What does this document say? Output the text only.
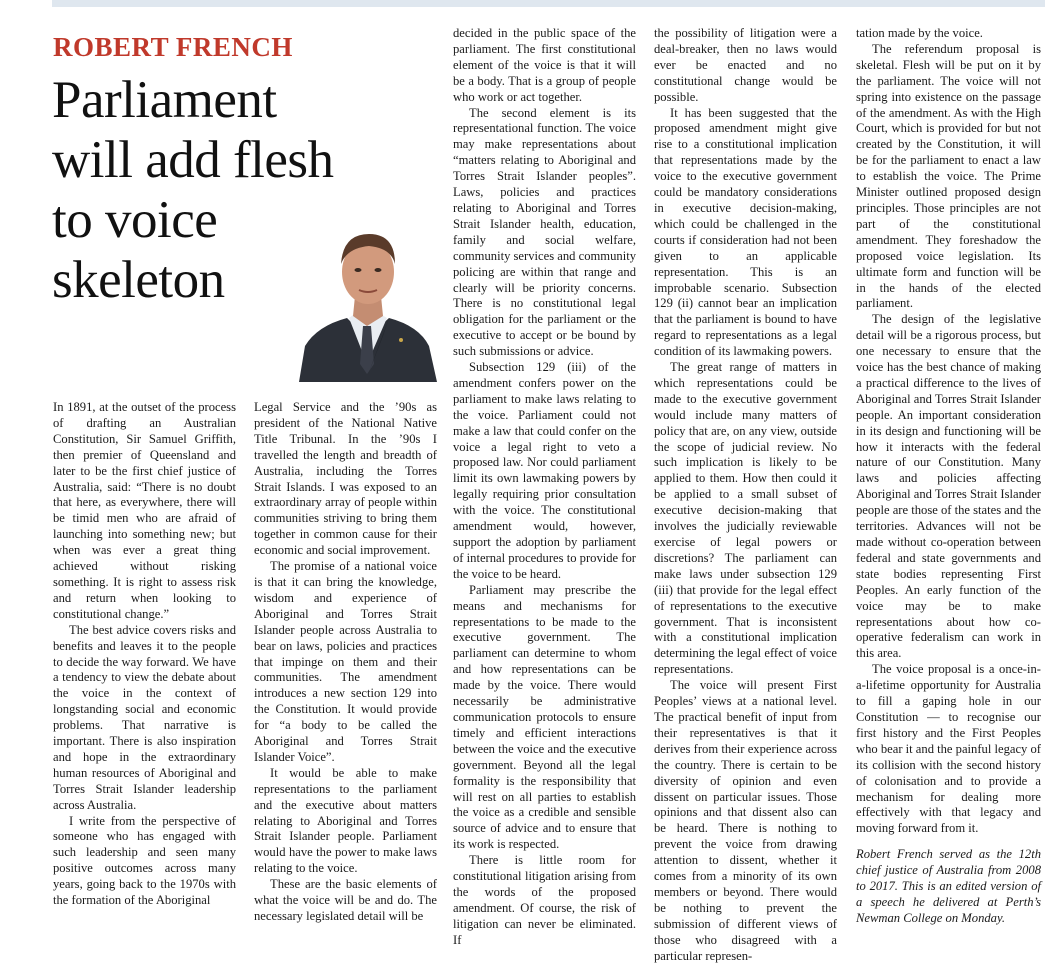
ROBERT FRENCH
Parliament
will add flesh
to voice
skeleton

In 1891, at the outset of the process of drafting an Australian Constitution, Sir Samuel Griffith, then premier of Queensland and later to be the first chief justice of Australia, said: “There is no doubt that here, as everywhere, there will be timid men who are afraid of launching into something new; but when was ever a great thing achieved without risking something. It is right to assess risk and return when looking to constitutional change.”

The best advice covers risks and benefits and leaves it to the people to decide the way forward. We have a tendency to view the debate about the voice in the context of longstanding social and economic problems. That narrative is important. There is also inspiration and hope in the extraordinary human resources of Aboriginal and Torres Strait Islander leadership across Australia.

I write from the perspective of someone who has engaged with such leadership and seen many positive outcomes across many years, going back to the 1970s with the formation of the Aboriginal

Legal Service and the ’90s as president of the National Native Title Tribunal. In the ’90s I travelled the length and breadth of Australia, including the Torres Strait Islands. I was exposed to an extraordinary array of people within communities striving to bring them together in common cause for their economic and social improvement.

The promise of a national voice is that it can bring the knowledge, wisdom and experience of Aboriginal and Torres Strait Islander people across Australia to bear on laws, policies and practices that impinge on them and their communities. The amendment introduces a new section 129 into the Constitution. It would provide for “a body to be called the Aboriginal and Torres Strait Islander Voice”.

It would be able to make representations to the parliament and the executive about matters relating to Aboriginal and Torres Strait Islander people. Parliament would have the power to make laws relating to the voice.

These are the basic elements of what the voice will be and do. The necessary legislated detail will be

decided in the public space of the parliament. The first constitutional element of the voice is that it will be a body. That is a group of people who work or act together.

The second element is its representational function. The voice may make representations about “matters relating to Aboriginal and Torres Strait Islander peoples”. Laws, policies and practices relating to Aboriginal and Torres Strait Islander health, education, family and social welfare, community services and community policing are within that range and clearly will be priority concerns. There is no constitutional legal obligation for the parliament or the executive to accept or be bound by such submissions or advice.

Subsection 129 (iii) of the amendment confers power on the parliament to make laws relating to the voice. Parliament could not make a law that could confer on the voice a legal right to veto a proposed law. Nor could parliament limit its own lawmaking powers by legally requiring prior consultation with the voice. The constitutional amendment would, however, support the adoption by parliament of internal procedures to provide for the voice to be heard.

Parliament may prescribe the means and mechanisms for representations to be made to the executive government. The parliament can determine to whom and how representations can be made by the voice. There would necessarily be administrative communication protocols to ensure timely and efficient interactions between the voice and the executive government. Beyond all the legal formality is the responsibility that will rest on all parties to establish the voice as a credible and sensible source of advice and to ensure that its work is respected.

There is little room for constitutional litigation arising from the words of the proposed amendment. Of course, the risk of litigation can never be eliminated. If

the possibility of litigation were a deal-breaker, then no laws would ever be enacted and no constitutional change would be possible.

It has been suggested that the proposed amendment might give rise to a constitutional implication that representations made by the voice to the executive government could be mandatory considerations in executive decision-making, which could be challenged in the courts if consideration had not been given to an applicable representation. This is an improbable scenario. Subsection 129 (ii) cannot bear an implication that the parliament is bound to have regard to representations as a legal condition of its lawmaking powers.

The great range of matters in which representations could be made to the executive government would include many matters of policy that are, on any view, outside the scope of judicial review. No such implication is likely to be applied to them. How then could it be applied to a small subset of executive decision-making that involves the judicially reviewable exercise of legal powers or discretions? The parliament can make laws under subsection 129 (iii) that provide for the legal effect of representations to the executive government. That is inconsistent with a constitutional implication determining the legal effect of voice representations.

The voice will present First Peoples’ views at a national level. The practical benefit of input from their representatives is that it derives from their experience across the country. There is certain to be diversity of opinion and even dissent on particular issues. Those opinions and that dissent also can be heard. There is nothing to prevent the voice from drawing attention to dissent, whether it comes from a minority of its own members or beyond. There would be nothing to prevent the submission of different views of those who disagreed with a particular represen-

tation made by the voice.

The referendum proposal is skeletal. Flesh will be put on it by the parliament. The voice will not spring into existence on the passage of the amendment. As with the High Court, which is provided for but not created by the Constitution, it will be for the parliament to enact a law to establish the voice. The Prime Minister outlined proposed design principles. Those principles are not part of the constitutional amendment. They foreshadow the proposed voice legislation. Its ultimate form and function will be in the hands of the elected parliament.

The design of the legislative detail will be a rigorous process, but one necessary to ensure that the voice has the best chance of making a practical difference to the lives of Aboriginal and Torres Strait Islander people. An important consideration in its design and functioning will be how it interacts with the federal nature of our Constitution. Many laws and policies affecting Aboriginal and Torres Strait Islander people are those of the states and the territories. Advances will not be made without co-operation between federal and state governments and state bodies representing First Peoples. An early function of the voice may be to make representations about how co-operative federalism can work in this area.

The voice proposal is a once-in-a-lifetime opportunity for Australia to fill a gaping hole in our Constitution — to recognise our first history and the First Peoples who bear it and the painful legacy of its collision with the second history of colonisation and to provide a mechanism for dealing more effectively with that legacy and moving forward from it.

Robert French served as the 12th chief justice of Australia from 2008 to 2017. This is an edited version of a speech he delivered at Perth’s Newman College on Monday.
